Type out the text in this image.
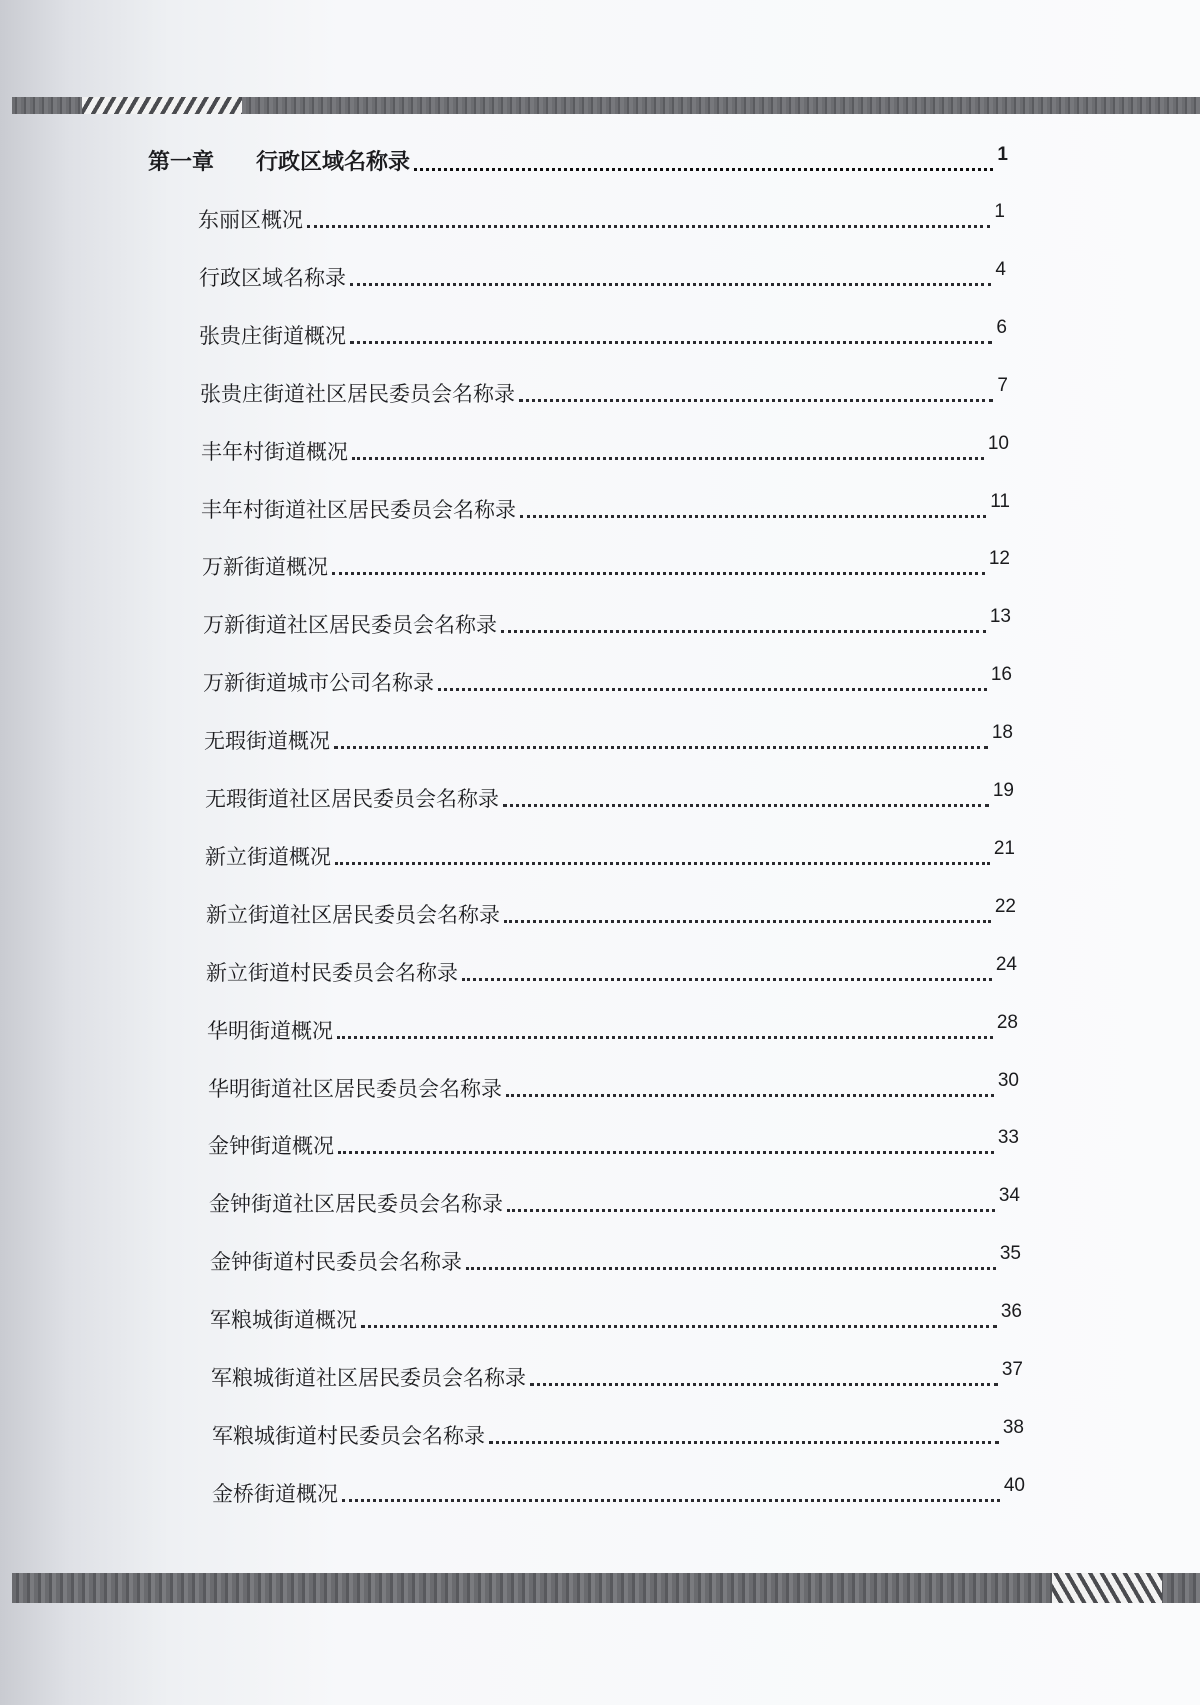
第一章 行政区域名称录	1
东丽区概况	1
行政区域名称录	4
张贵庄街道概况	6
张贵庄街道社区居民委员会名称录	7
丰年村街道概况	10
丰年村街道社区居民委员会名称录	11
万新街道概况	12
万新街道社区居民委员会名称录	13
万新街道城市公司名称录	16
无瑕街道概况	18
无瑕街道社区居民委员会名称录	19
新立街道概况	21
新立街道社区居民委员会名称录	22
新立街道村民委员会名称录	24
华明街道概况	28
华明街道社区居民委员会名称录	30
金钟街道概况	33
金钟街道社区居民委员会名称录	34
金钟街道村民委员会名称录	35
军粮城街道概况	36
军粮城街道社区居民委员会名称录	37
军粮城街道村民委员会名称录	38
金桥街道概况	40
